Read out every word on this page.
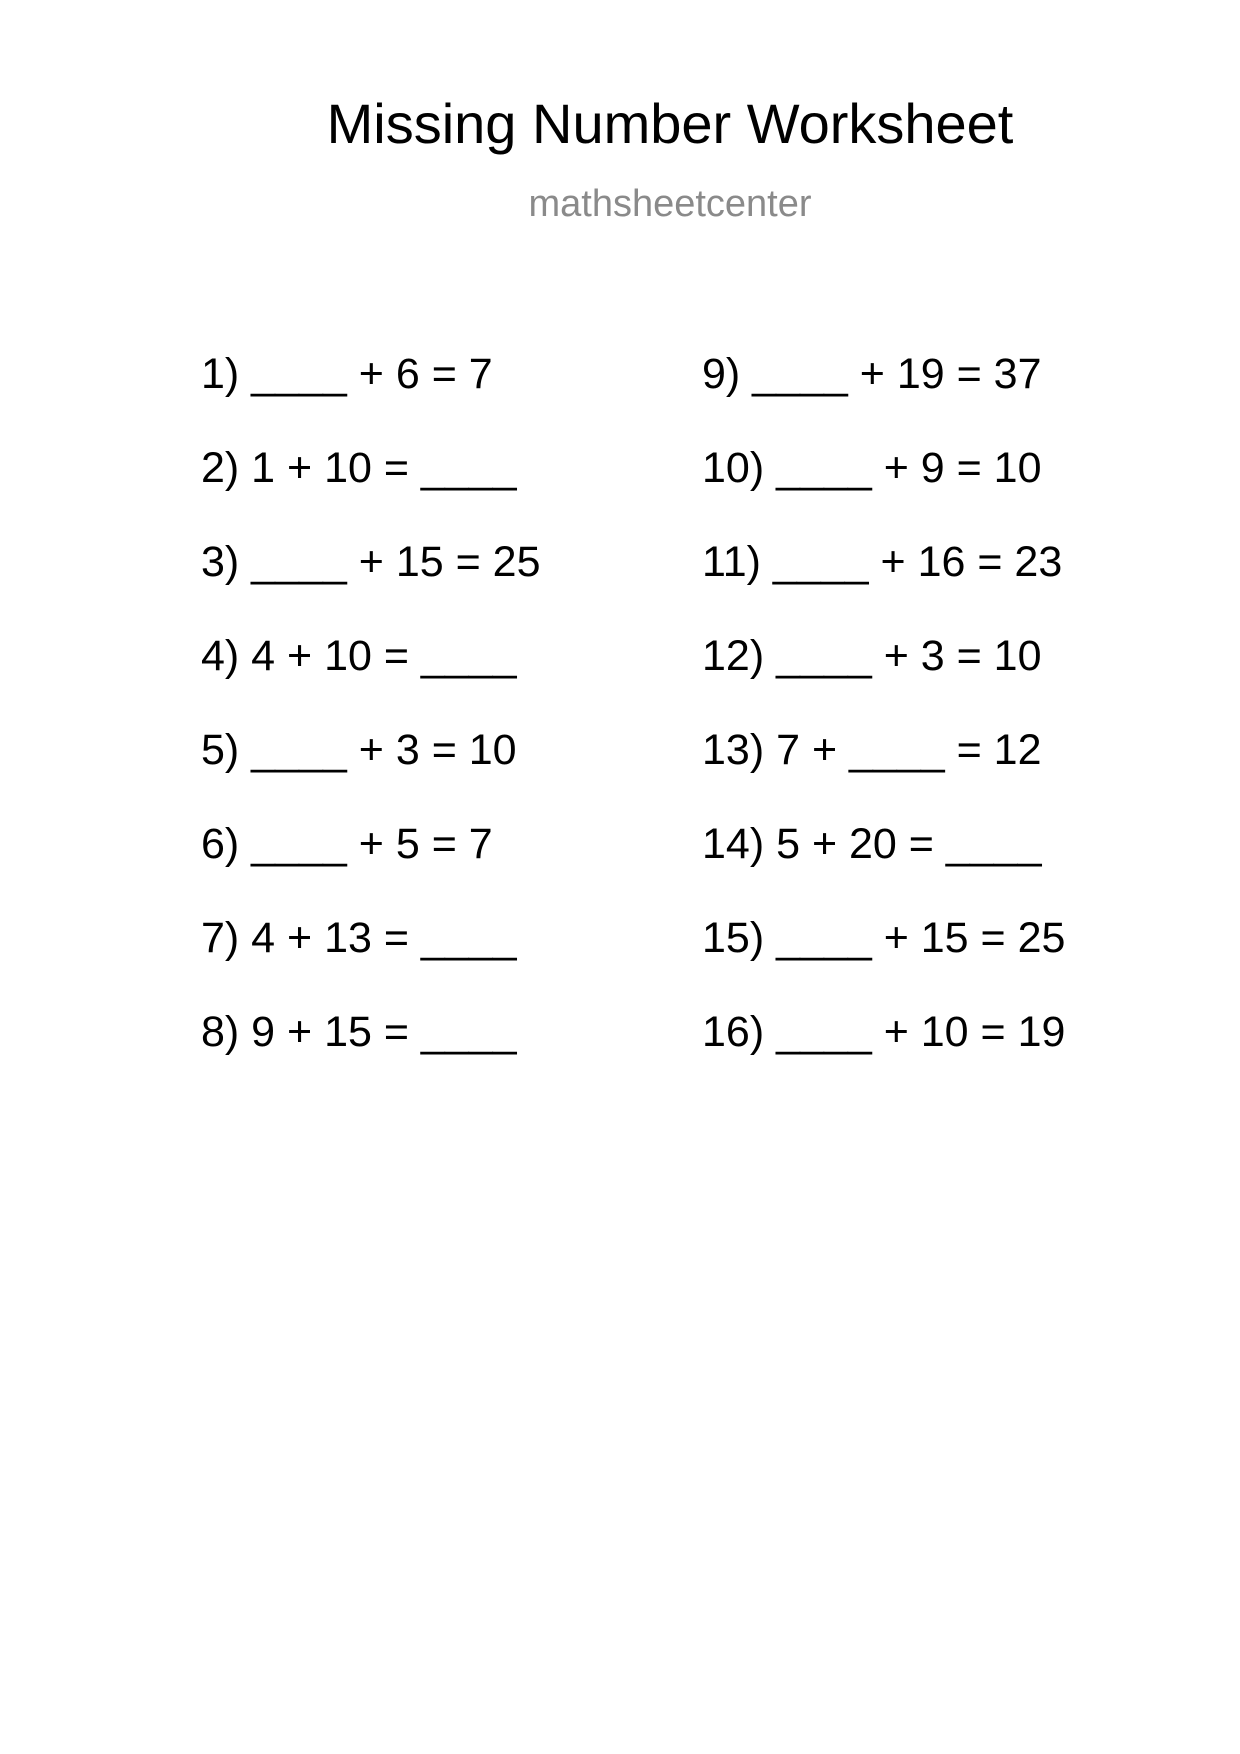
Missing Number Worksheet
mathsheetcenter
1) ____ + 6 = 7
2) 1 + 10 = ____
3) ____ + 15 = 25
4) 4 + 10 = ____
5) ____ + 3 = 10
6) ____ + 5 = 7
7) 4 + 13 = ____
8) 9 + 15 = ____
9) ____ + 19 = 37
10) ____ + 9 = 10
11) ____ + 16 = 23
12) ____ + 3 = 10
13) 7 + ____ = 12
14) 5 + 20 = ____
15) ____ + 15 = 25
16) ____ + 10 = 19
